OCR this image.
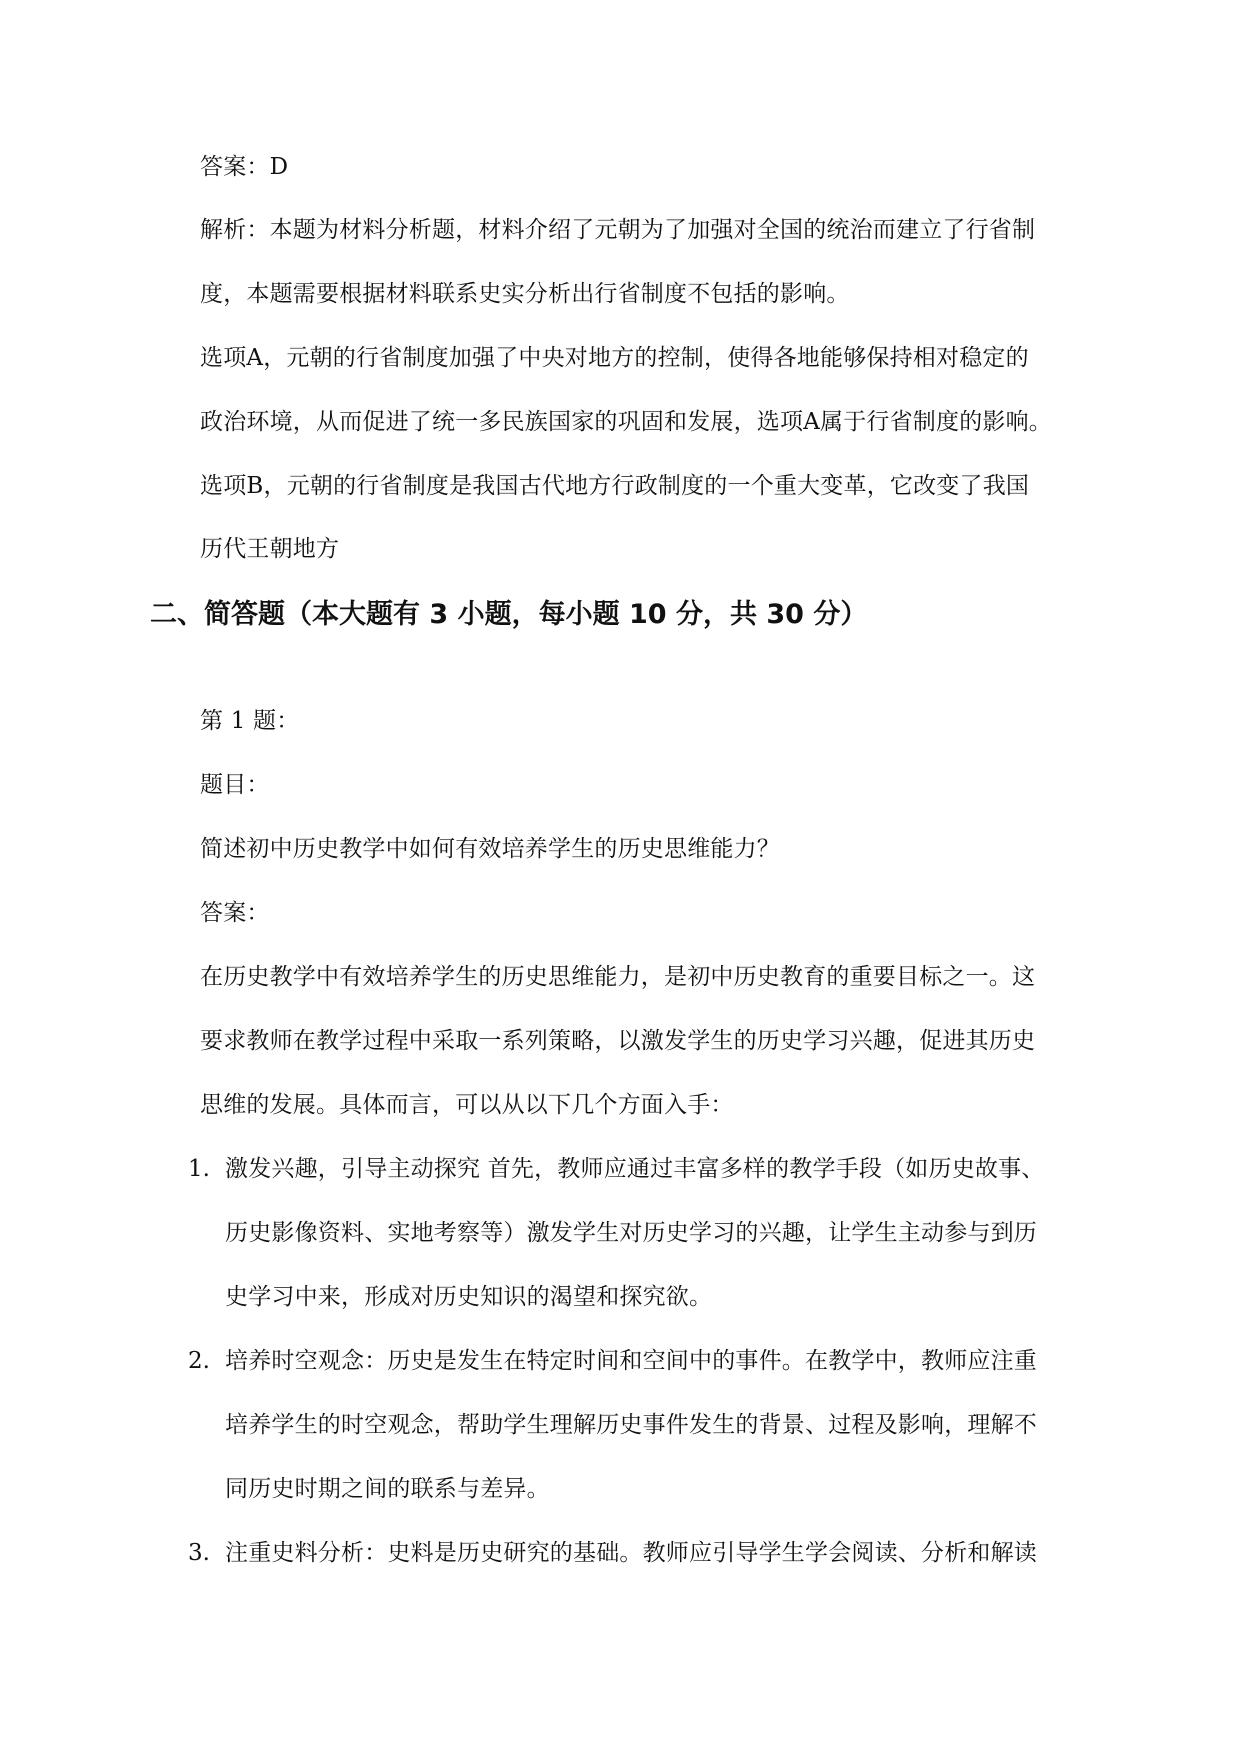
答案：D
解析：本题为材料分析题，材料介绍了元朝为了加强对全国的统治而建立了行省制
度，本题需要根据材料联系史实分析出行省制度不包括的影响。
选项A，元朝的行省制度加强了中央对地方的控制，使得各地能够保持相对稳定的
政治环境，从而促进了统一多民族国家的巩固和发展，选项A属于行省制度的影响。
选项B，元朝的行省制度是我国古代地方行政制度的一个重大变革，它改变了我国
历代王朝地方
二、简答题（本大题有 3 小题，每小题 10 分，共 30 分）
第 1 题：
题目：
简述初中历史教学中如何有效培养学生的历史思维能力？
答案：
在历史教学中有效培养学生的历史思维能力，是初中历史教育的重要目标之一。这
要求教师在教学过程中采取一系列策略，以激发学生的历史学习兴趣，促进其历史
思维的发展。具体而言，可以从以下几个方面入手：
1. 激发兴趣，引导主动探究 首先，教师应通过丰富多样的教学手段（如历史故事、
历史影像资料、实地考察等）激发学生对历史学习的兴趣，让学生主动参与到历
史学习中来，形成对历史知识的渴望和探究欲。
2. 培养时空观念：历史是发生在特定时间和空间中的事件。在教学中，教师应注重
培养学生的时空观念，帮助学生理解历史事件发生的背景、过程及影响，理解不
同历史时期之间的联系与差异。
3. 注重史料分析：史料是历史研究的基础。教师应引导学生学会阅读、分析和解读
